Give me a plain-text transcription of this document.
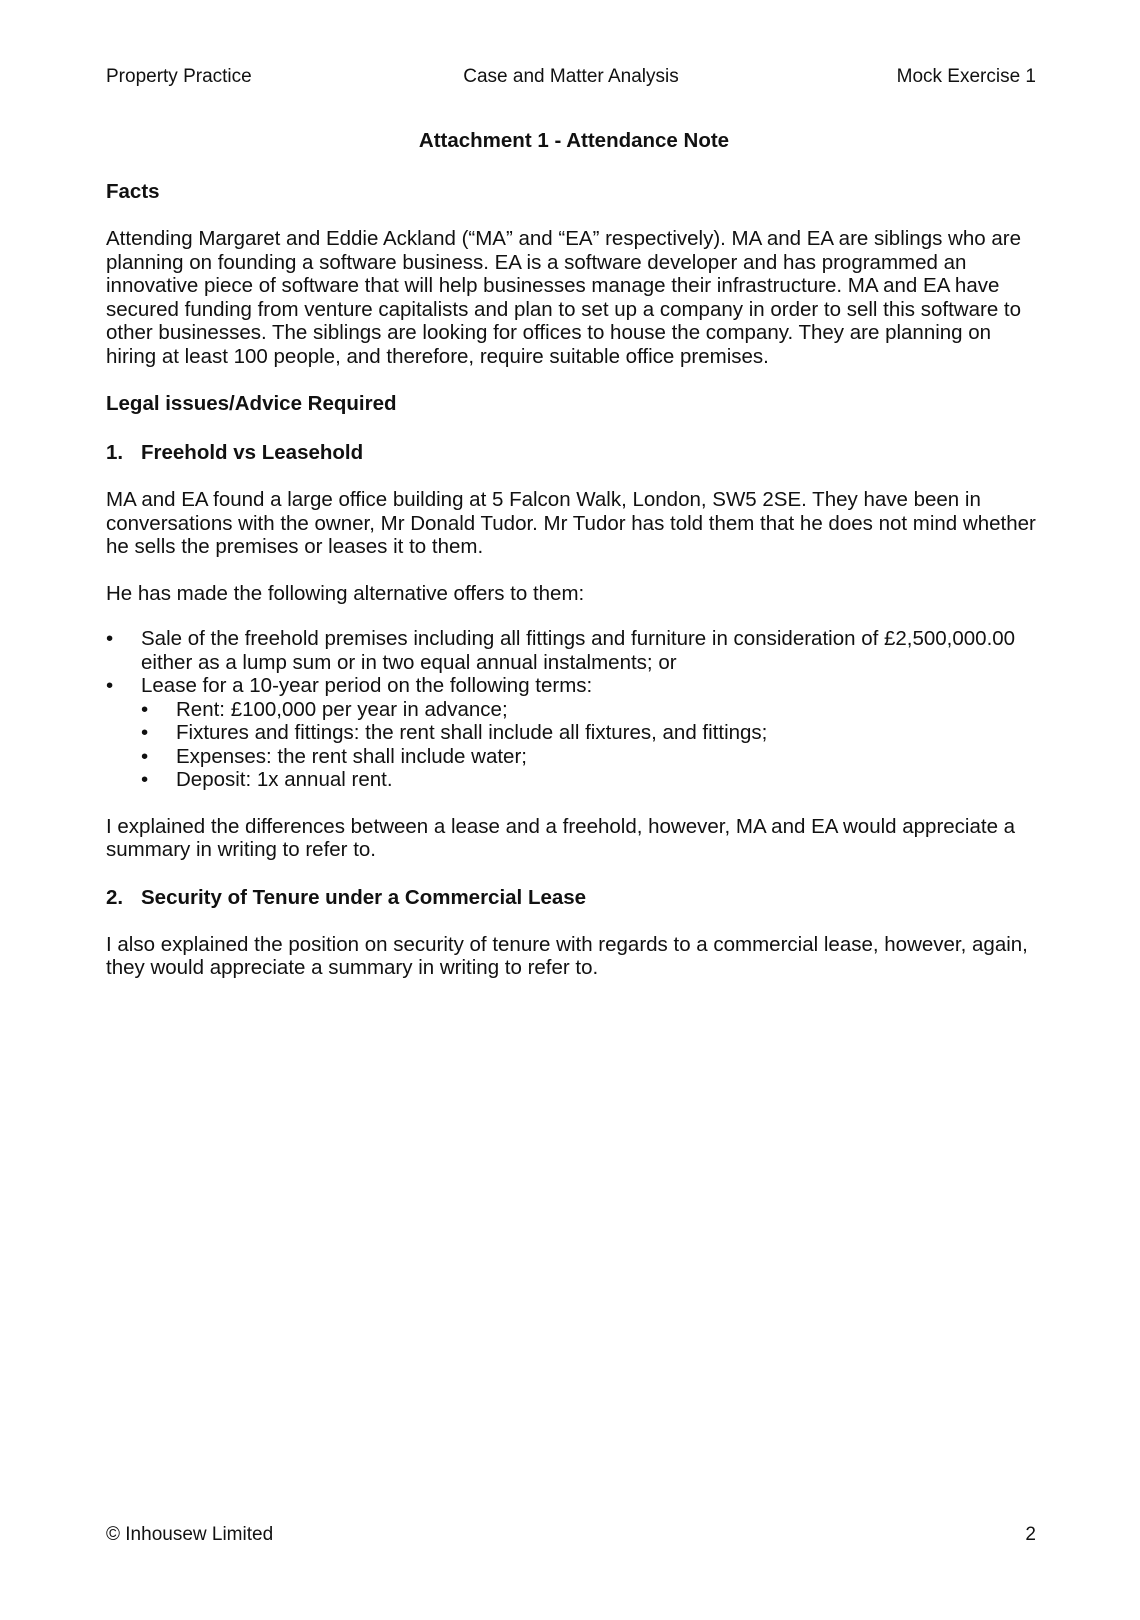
Property Practice	Case and Matter Analysis	Mock Exercise 1
Attachment 1 - Attendance Note
Facts

Attending Margaret and Eddie Ackland (“MA” and “EA” respectively). MA and EA are siblings who are planning on founding a software business. EA is a software developer and has programmed an innovative piece of software that will help businesses manage their infrastructure. MA and EA have secured funding from venture capitalists and plan to set up a company in order to sell this software to other businesses. The siblings are looking for offices to house the company. They are planning on hiring at least 100 people, and therefore, require suitable office premises.

Legal issues/Advice Required
1. Freehold vs Leasehold

MA and EA found a large office building at 5 Falcon Walk, London, SW5 2SE. They have been in conversations with the owner, Mr Donald Tudor. Mr Tudor has told them that he does not mind whether he sells the premises or leases it to them.

He has made the following alternative offers to them:

• Sale of the freehold premises including all fittings and furniture in consideration of £2,500,000.00 either as a lump sum or in two equal annual instalments; or
• Lease for a 10-year period on the following terms:
• Rent: £100,000 per year in advance;
• Fixtures and fittings: the rent shall include all fixtures, and fittings;
• Expenses: the rent shall include water;
• Deposit: 1x annual rent.

I explained the differences between a lease and a freehold, however, MA and EA would appreciate a summary in writing to refer to.

2. Security of Tenure under a Commercial Lease

I also explained the position on security of tenure with regards to a commercial lease, however, again, they would appreciate a summary in writing to refer to.

© Inhousew Limited	2
